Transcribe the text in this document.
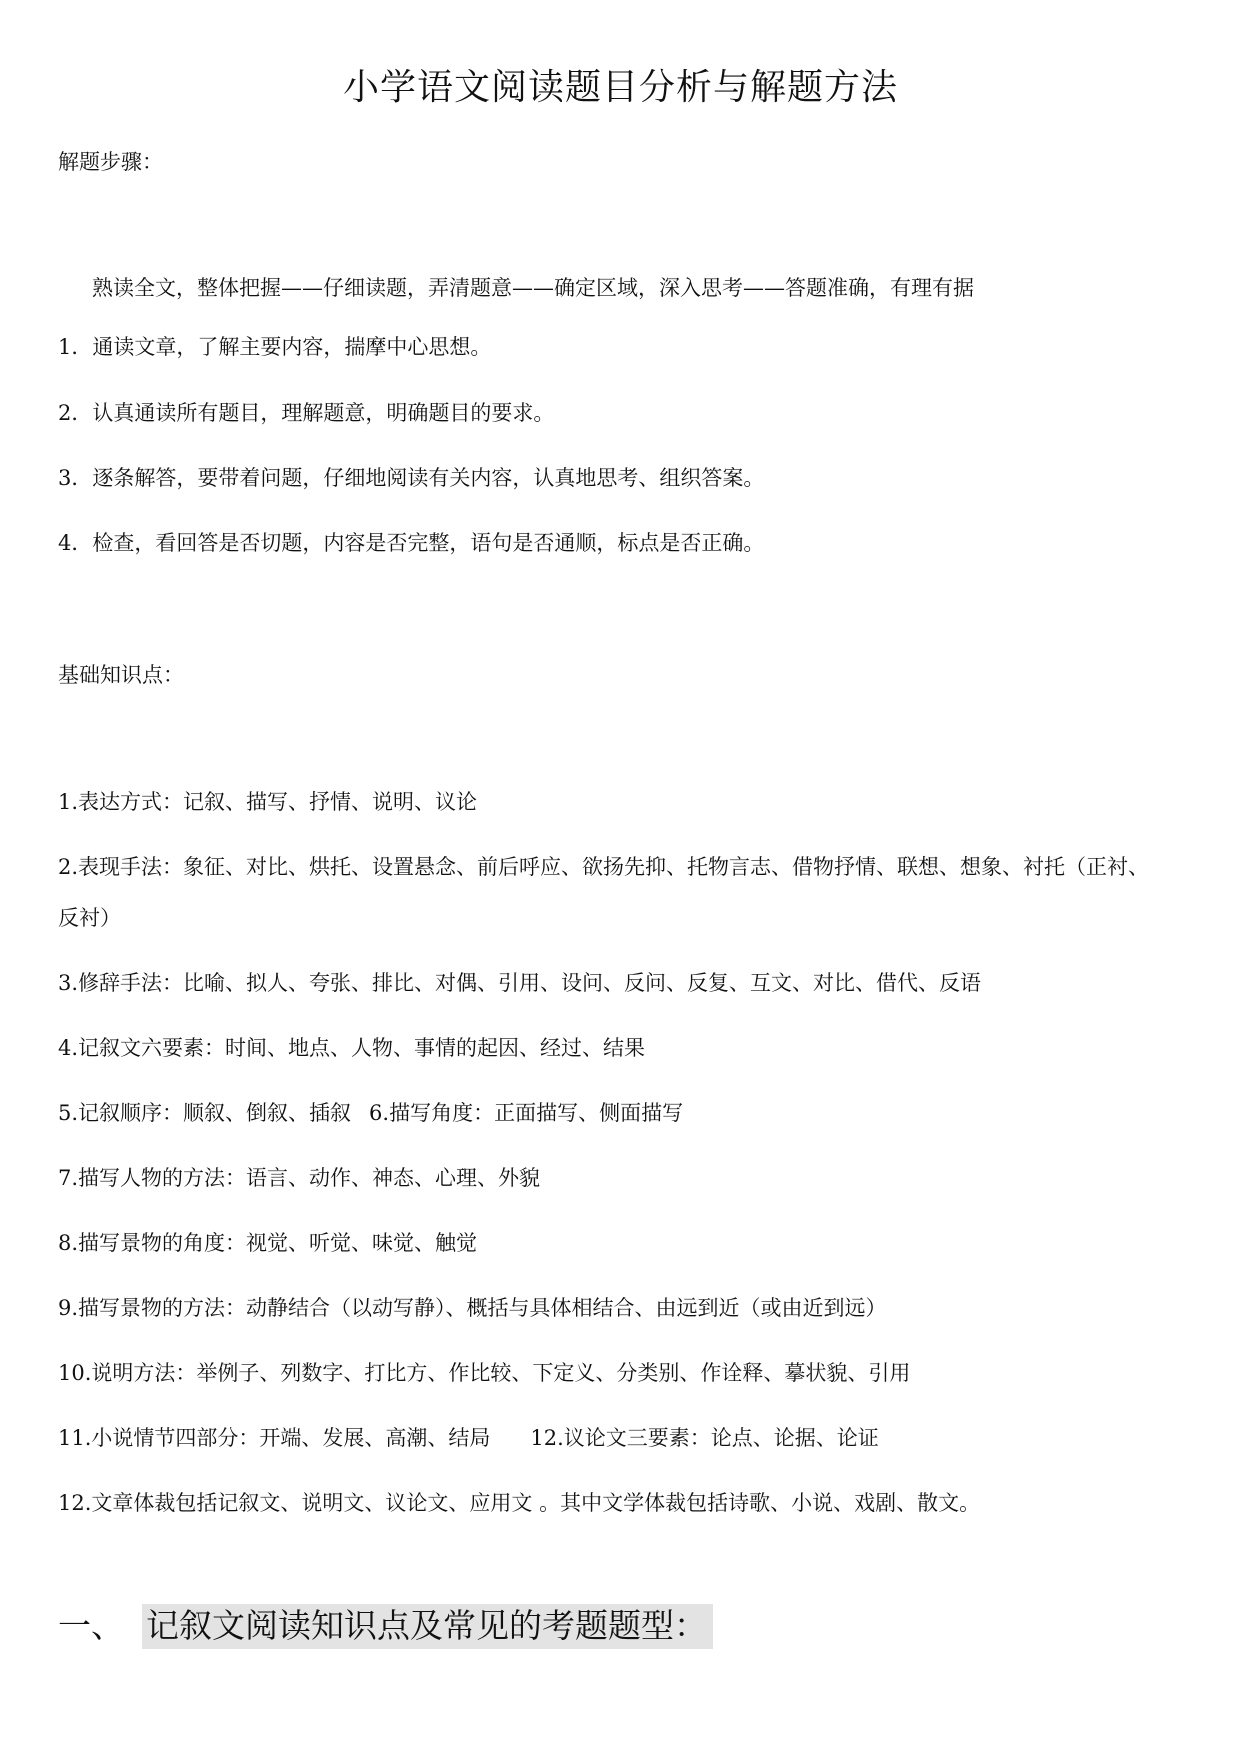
小学语文阅读题目分析与解题方法
解题步骤：
熟读全文，整体把握——仔细读题，弄清题意——确定区域，深入思考——答题准确，有理有据
1．通读文章，了解主要内容，揣摩中心思想。
2．认真通读所有题目，理解题意，明确题目的要求。
3．逐条解答，要带着问题，仔细地阅读有关内容，认真地思考、组织答案。
4．检查，看回答是否切题，内容是否完整，语句是否通顺，标点是否正确。
基础知识点：
1.表达方式：记叙、描写、抒情、说明、议论
2.表现手法：象征、对比、烘托、设置悬念、前后呼应、欲扬先抑、托物言志、借物抒情、联想、想象、衬托（正衬、
反衬）
3.修辞手法：比喻、拟人、夸张、排比、对偶、引用、设问、反问、反复、互文、对比、借代、反语
4.记叙文六要素：时间、地点、人物、事情的起因、经过、结果
5.记叙顺序：顺叙、倒叙、插叙 6.描写角度：正面描写、侧面描写
7.描写人物的方法：语言、动作、神态、心理、外貌
8.描写景物的角度：视觉、听觉、味觉、触觉
9.描写景物的方法：动静结合（以动写静）、概括与具体相结合、由远到近（或由近到远）
10.说明方法：举例子、列数字、打比方、作比较、下定义、分类别、作诠释、摹状貌、引用
11.小说情节四部分：开端、发展、高潮、结局 12.议论文三要素：论点、论据、论证
12.文章体裁包括记叙文、说明文、议论文、应用文 。其中文学体裁包括诗歌、小说、戏剧、散文。
一、 记叙文阅读知识点及常见的考题题型：
